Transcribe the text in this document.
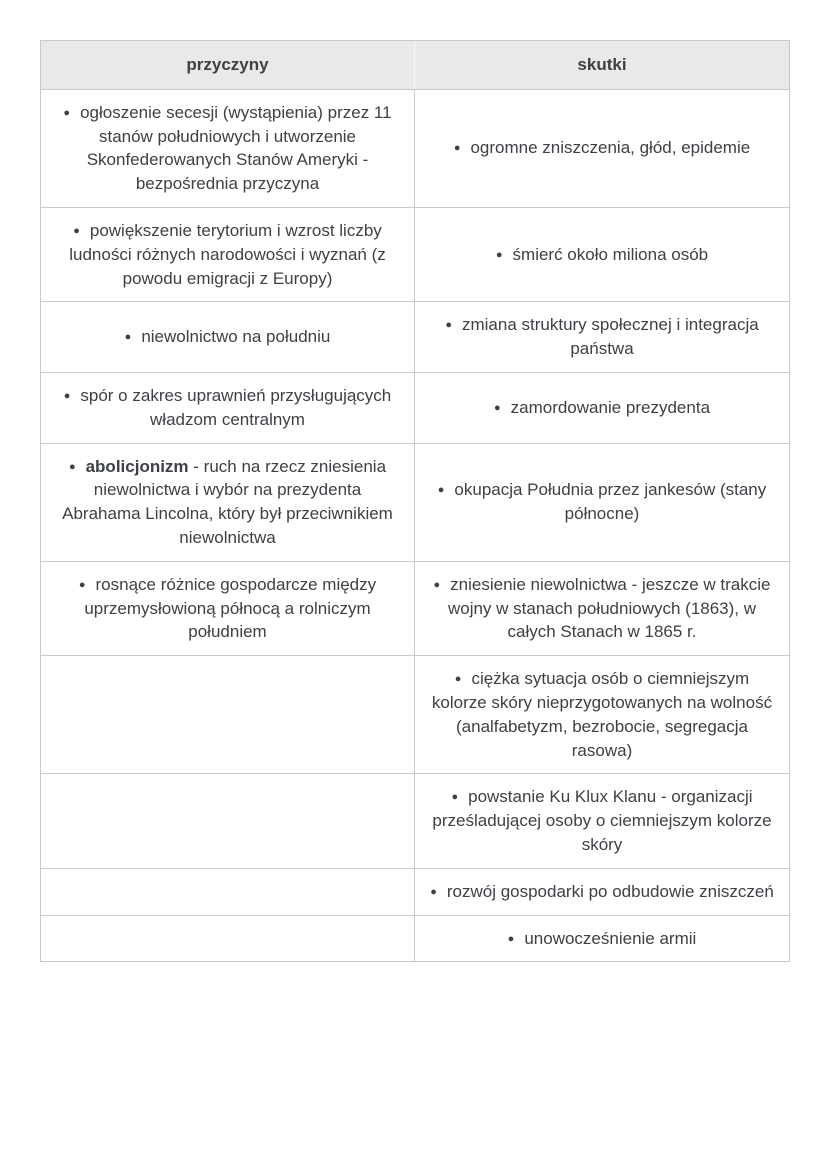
przyczyny	skutki
● ogłoszenie secesji (wystąpienia) przez 11 stanów południowych i utworzenie Skonfederowanych Stanów Ameryki - bezpośrednia przyczyna	● ogromne zniszczenia, głód, epidemie
● powiększenie terytorium i wzrost liczby ludności różnych narodowości i wyznań (z powodu emigracji z Europy)	● śmierć około miliona osób
● niewolnictwo na południu	● zmiana struktury społecznej i integracja państwa
● spór o zakres uprawnień przysługujących władzom centralnym	● zamordowanie prezydenta
● abolicjonizm - ruch na rzecz zniesienia niewolnictwa i wybór na prezydenta Abrahama Lincolna, który był przeciwnikiem niewolnictwa	● okupacja Południa przez jankesów (stany północne)
● rosnące różnice gospodarcze między uprzemysłowioną północą a rolniczym południem	● zniesienie niewolnictwa - jeszcze w trakcie wojny w stanach południowych (1863), w całych Stanach w 1865 r.
	● ciężka sytuacja osób o ciemniejszym kolorze skóry nieprzygotowanych na wolność (analfabetyzm, bezrobocie, segregacja rasowa)
	● powstanie Ku Klux Klanu - organizacji prześladującej osoby o ciemniejszym kolorze skóry
	● rozwój gospodarki po odbudowie zniszczeń
	● unowocześnienie armii
